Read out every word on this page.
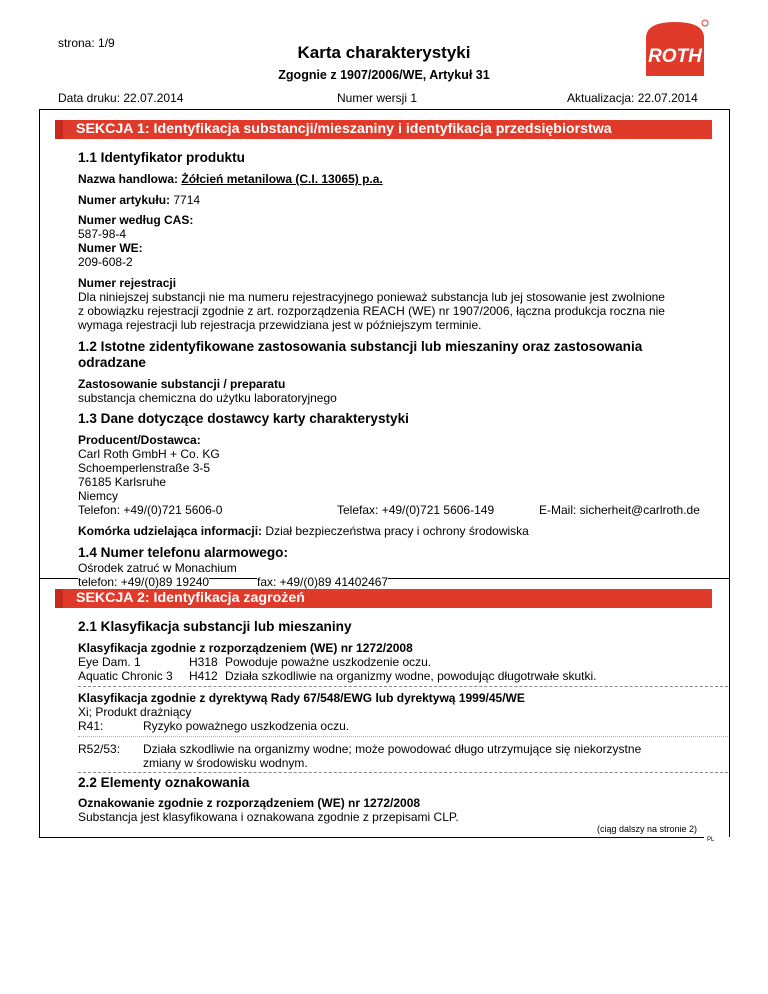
strona: 1/9	Karta charakterystyki
Zgognie z 1907/2006/WE, Artykuł 31
ROTH
Data druku: 22.07.2014	Numer wersji 1	Aktualizacja: 22.07.2014
SEKCJA 1: Identyfikacja substancji/mieszaniny i identyfikacja przedsiębiorstwa
1.1 Identyfikator produktu
Nazwa handlowa: Żółcień metanilowa (C.I. 13065) p.a.
Numer artykułu: 7714
Numer według CAS:
587-98-4
Numer WE:
209-608-2
Numer rejestracji
Dla niniejszej substancji nie ma numeru rejestracyjnego ponieważ substancja lub jej stosowanie jest zwolnione
z obowiązku rejestracji zgodnie z art. rozporządzenia REACH (WE) nr 1907/2006, łączna produkcja roczna nie
wymaga rejestracji lub rejestracja przewidziana jest w późniejszym terminie.
1.2 Istotne zidentyfikowane zastosowania substancji lub mieszaniny oraz zastosowania
odradzane
Zastosowanie substancji / preparatu
substancja chemiczna do użytku laboratoryjnego
1.3 Dane dotyczące dostawcy karty charakterystyki
Producent/Dostawca:
Carl Roth GmbH + Co. KG
Schoemperlenstraße 3-5
76185 Karlsruhe
Niemcy
Telefon: +49/(0)721 5606-0	Telefax: +49/(0)721 5606-149	E-Mail: sicherheit@carlroth.de
Komórka udzielająca informacji: Dział bezpieczeństwa pracy i ochrony środowiska
1.4 Numer telefonu alarmowego:
Ośrodek zatruć w Monachium
telefon: +49/(0)89 19240	fax: +49/(0)89 41402467
SEKCJA 2: Identyfikacja zagrożeń
2.1 Klasyfikacja substancji lub mieszaniny
Klasyfikacja zgodnie z rozporządzeniem (WE) nr 1272/2008
Eye Dam. 1	H318 Powoduje poważne uszkodzenie oczu.
Aquatic Chronic 3 H412 Działa szkodliwie na organizmy wodne, powodując długotrwałe skutki.
Klasyfikacja zgodnie z dyrektywą Rady 67/548/EWG lub dyrektywą 1999/45/WE
Xi; Produkt drażniący
R41:	Ryzyko poważnego uszkodzenia oczu.
R52/53: Działa szkodliwie na organizmy wodne; może powodować długo utrzymujące się niekorzystne
zmiany w środowisku wodnym.
2.2 Elementy oznakowania
Oznakowanie zgodnie z rozporządzeniem (WE) nr 1272/2008
Substancja jest klasyfikowana i oznakowana zgodnie z przepisami CLP.
(ciąg dalszy na stronie 2)
PL
